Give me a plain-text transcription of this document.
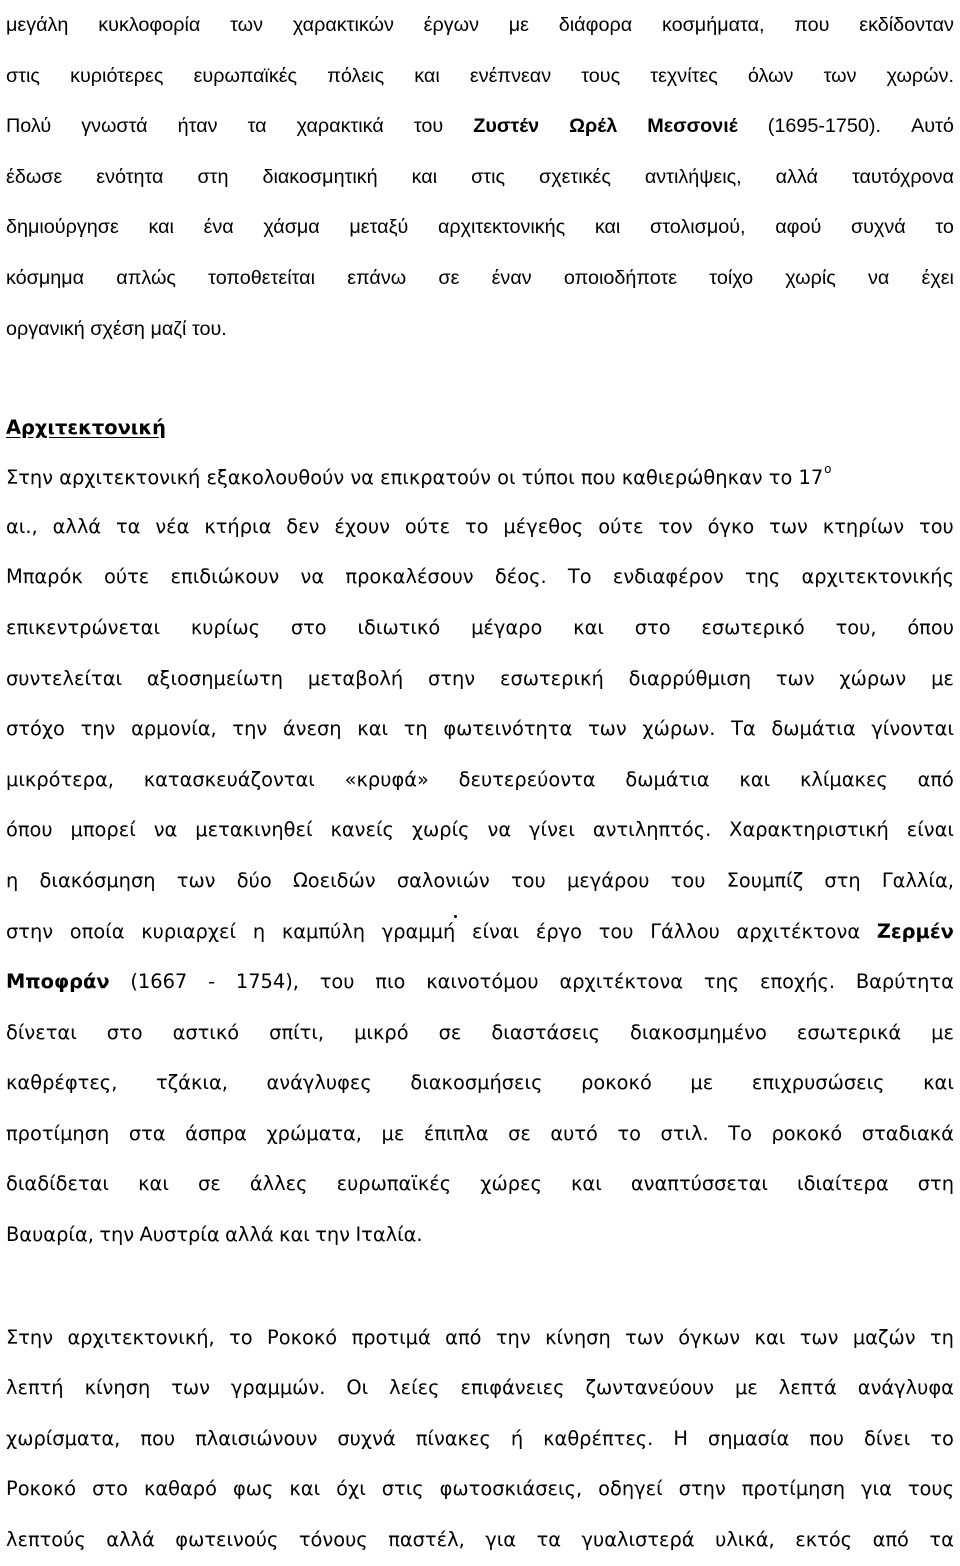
μεγάλη κυκλοφορία των χαρακτικών έργων με διάφορα κοσμήματα, που εκδίδονταν
στις κυριότερες ευρωπαϊκές πόλεις και ενέπνεαν τους τεχνίτες όλων των χωρών.
Πολύ γνωστά ήταν τα χαρακτικά του Ζυστέν Ωρέλ Μεσσονιέ (1695-1750). Αυτό
έδωσε ενότητα στη διακοσμητική και στις σχετικές αντιλήψεις, αλλά ταυτόχρονα
δημιούργησε και ένα χάσμα μεταξύ αρχιτεκτονικής και στολισμού, αφού συχνά το
κόσμημα απλώς τοποθετείται επάνω σε έναν οποιοδήποτε τοίχο χωρίς να έχει
οργανική σχέση μαζί του.
Αρχιτεκτονική
Στην αρχιτεκτονική εξακολουθούν να επικρατούν οι τύποι που καθιερώθηκαν το $17^o$
αι., αλλά τα νέα κτήρια δεν έχουν ούτε το μέγεθος ούτε τον όγκο των κτηρίων του
Μπαρόκ ούτε επιδιώκουν να προκαλέσουν δέος. Το ενδιαφέρον της αρχιτεκτονικής
επικεντρώνεται κυρίως στο ιδιωτικό μέγαρο και στο εσωτερικό του, όπου
συντελείται αξιοσημείωτη μεταβολή στην εσωτερική διαρρύθμιση των χώρων με
στόχο την αρμονία, την άνεση και τη φωτεινότητα των χώρων. Τα δωμάτια γίνονται
μικρότερα, κατασκευάζονται «κρυφά» δευτερεύοντα δωμάτια και κλίμακες από
όπου μπορεί να μετακινηθεί κανείς χωρίς να γίνει αντιληπτός. Χαρακτηριστική είναι
η διακόσμηση των δύο Ωοειδών σαλονιών του μεγάρου του Σουμπίζ στη Γαλλία,
στην οποία κυριαρχεί η καμπύλη γραμμή είναι έργο του Γάλλου αρχιτέκτονα Ζερμέν
Μποφράν (1667 - 1754), του πιο καινοτόμου αρχιτέκτονα της εποχής. Βαρύτητα
δίνεται στο αστικό σπίτι, μικρό σε διαστάσεις διακοσμημένο εσωτερικά με
καθρέφτες, τζάκια, ανάγλυφες διακοσμήσεις ροκοκό με επιχρυσώσεις και
προτίμηση στα άσπρα χρώματα, με έπιπλα σε αυτό το στιλ. Το ροκοκό σταδιακά
διαδίδεται και σε άλλες ευρωπαϊκές χώρες και αναπτύσσεται ιδιαίτερα στη
Βαυαρία, την Αυστρία αλλά και την Ιταλία.
Στην αρχιτεκτονική, το Ροκοκό προτιμά από την κίνηση των όγκων και των μαζών τη
λεπτή κίνηση των γραμμών. Οι λείες επιφάνειες ζωντανεύουν με λεπτά ανάγλυφα
χωρίσματα, που πλαισιώνουν συχνά πίνακες ή καθρέπτες. Η σημασία που δίνει το
Ροκοκό στο καθαρό φως και όχι στις φωτοσκιάσεις, οδηγεί στην προτίμηση για τους
λεπτούς αλλά φωτεινούς τόνους παστέλ, για τα γυαλιστερά υλικά, εκτός από τα
